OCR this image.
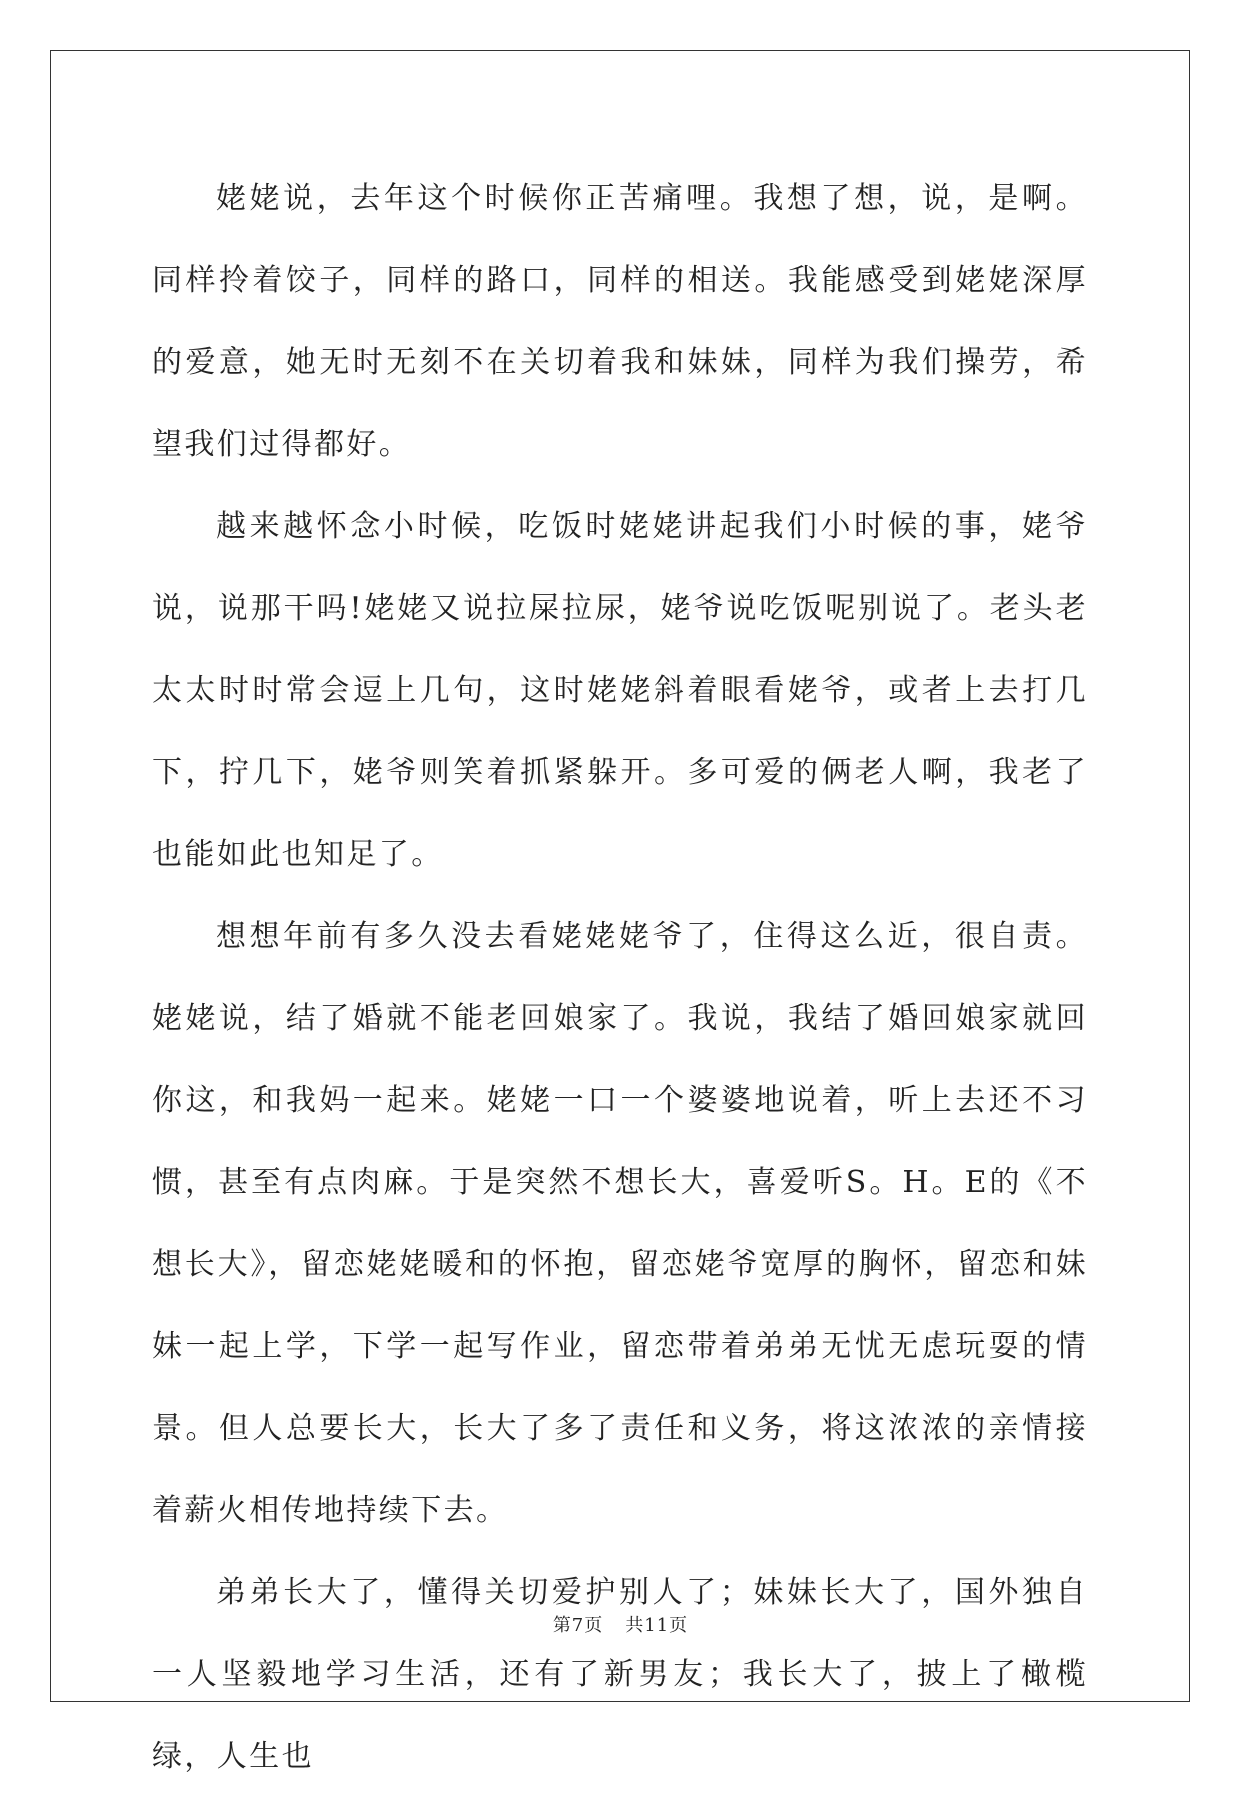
姥姥说，去年这个时候你正苦痛哩。我想了想，说，是啊。同样拎着饺子，同样的路口，同样的相送。我能感受到姥姥深厚的爱意，她无时无刻不在关切着我和妹妹，同样为我们操劳，希望我们过得都好。

越来越怀念小时候，吃饭时姥姥讲起我们小时候的事，姥爷说，说那干吗!姥姥又说拉屎拉尿，姥爷说吃饭呢别说了。老头老太太时时常会逗上几句，这时姥姥斜着眼看姥爷，或者上去打几下，拧几下，姥爷则笑着抓紧躲开。多可爱的俩老人啊，我老了也能如此也知足了。

想想年前有多久没去看姥姥姥爷了，住得这么近，很自责。姥姥说，结了婚就不能老回娘家了。我说，我结了婚回娘家就回你这，和我妈一起来。姥姥一口一个婆婆地说着，听上去还不习惯，甚至有点肉麻。于是突然不想长大，喜爱听S。H。E的《不想长大》，留恋姥姥暖和的怀抱，留恋姥爷宽厚的胸怀，留恋和妹妹一起上学，下学一起写作业，留恋带着弟弟无忧无虑玩耍的情景。但人总要长大，长大了多了责任和义务，将这浓浓的亲情接着薪火相传地持续下去。

弟弟长大了，懂得关切爱护别人了；妹妹长大了，国外独自一人坚毅地学习生活，还有了新男友；我长大了，披上了橄榄绿，人生也

第7页 共11页
